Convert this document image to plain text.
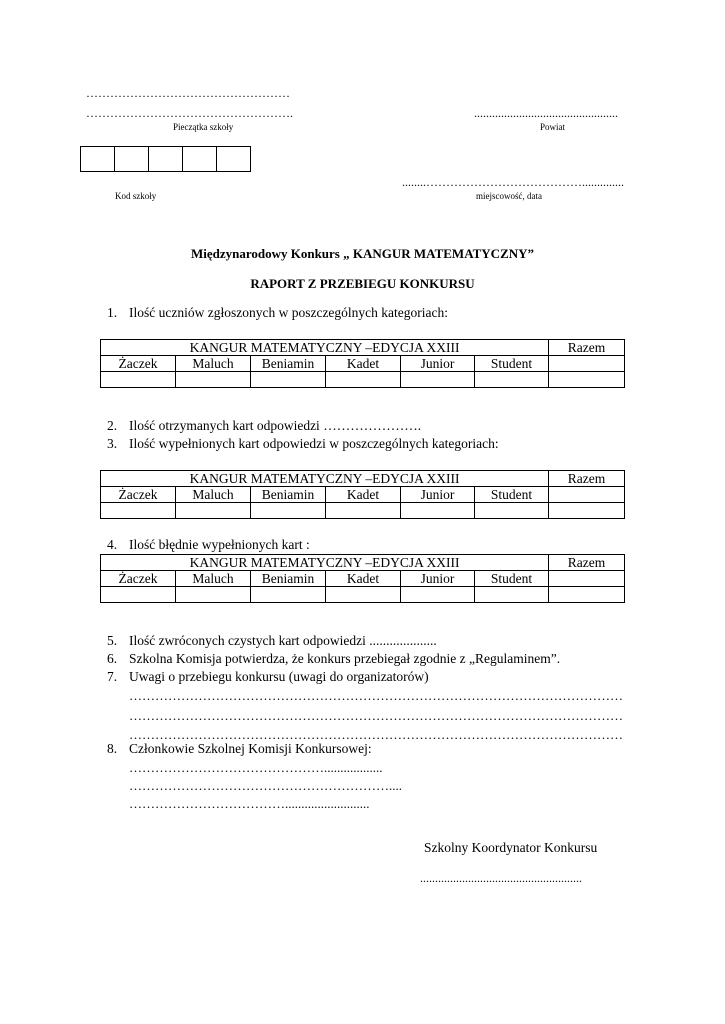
……………………………………………
…………………………………………….
Pieczątka szkoły
................................................
Powiat
........…………………………………..............
Kod szkoły	miejscowość, data
Międzynarodowy Konkurs „ KANGUR MATEMATYCZNY”
RAPORT Z PRZEBIEGU KONKURSU
1. Ilość uczniów zgłoszonych w poszczególnych kategoriach:
KANGUR MATEMATYCZNY –EDYCJA XXIII						Razem
Żaczek	Maluch	Beniamin	Kadet	Junior	Student	

2. Ilość otrzymanych kart odpowiedzi ………………….
3. Ilość wypełnionych kart odpowiedzi w poszczególnych kategoriach:
KANGUR MATEMATYCZNY –EDYCJA XXIII						Razem
Żaczek	Maluch	Beniamin	Kadet	Junior	Student	

4. Ilość błędnie wypełnionych kart :
KANGUR MATEMATYCZNY –EDYCJA XXIII						Razem
Żaczek	Maluch	Beniamin	Kadet	Junior	Student	

5. Ilość zwróconych czystych kart odpowiedzi ....................
6. Szkolna Komisja potwierdza, że konkurs przebiegał zgodnie z „Regulaminem”.
7. Uwagi o przebiegu konkursu (uwagi do organizatorów)
……………………………………………………………………………………………………
……………………………………………………………………………………………………
……………………………………………………………………………………………………
8. Członkowie Szkolnej Komisji Konkursowej:
………………………………………..................
……………………………………………………....
………………………………..........................
Szkolny Koordynator Konkursu
......................................................
